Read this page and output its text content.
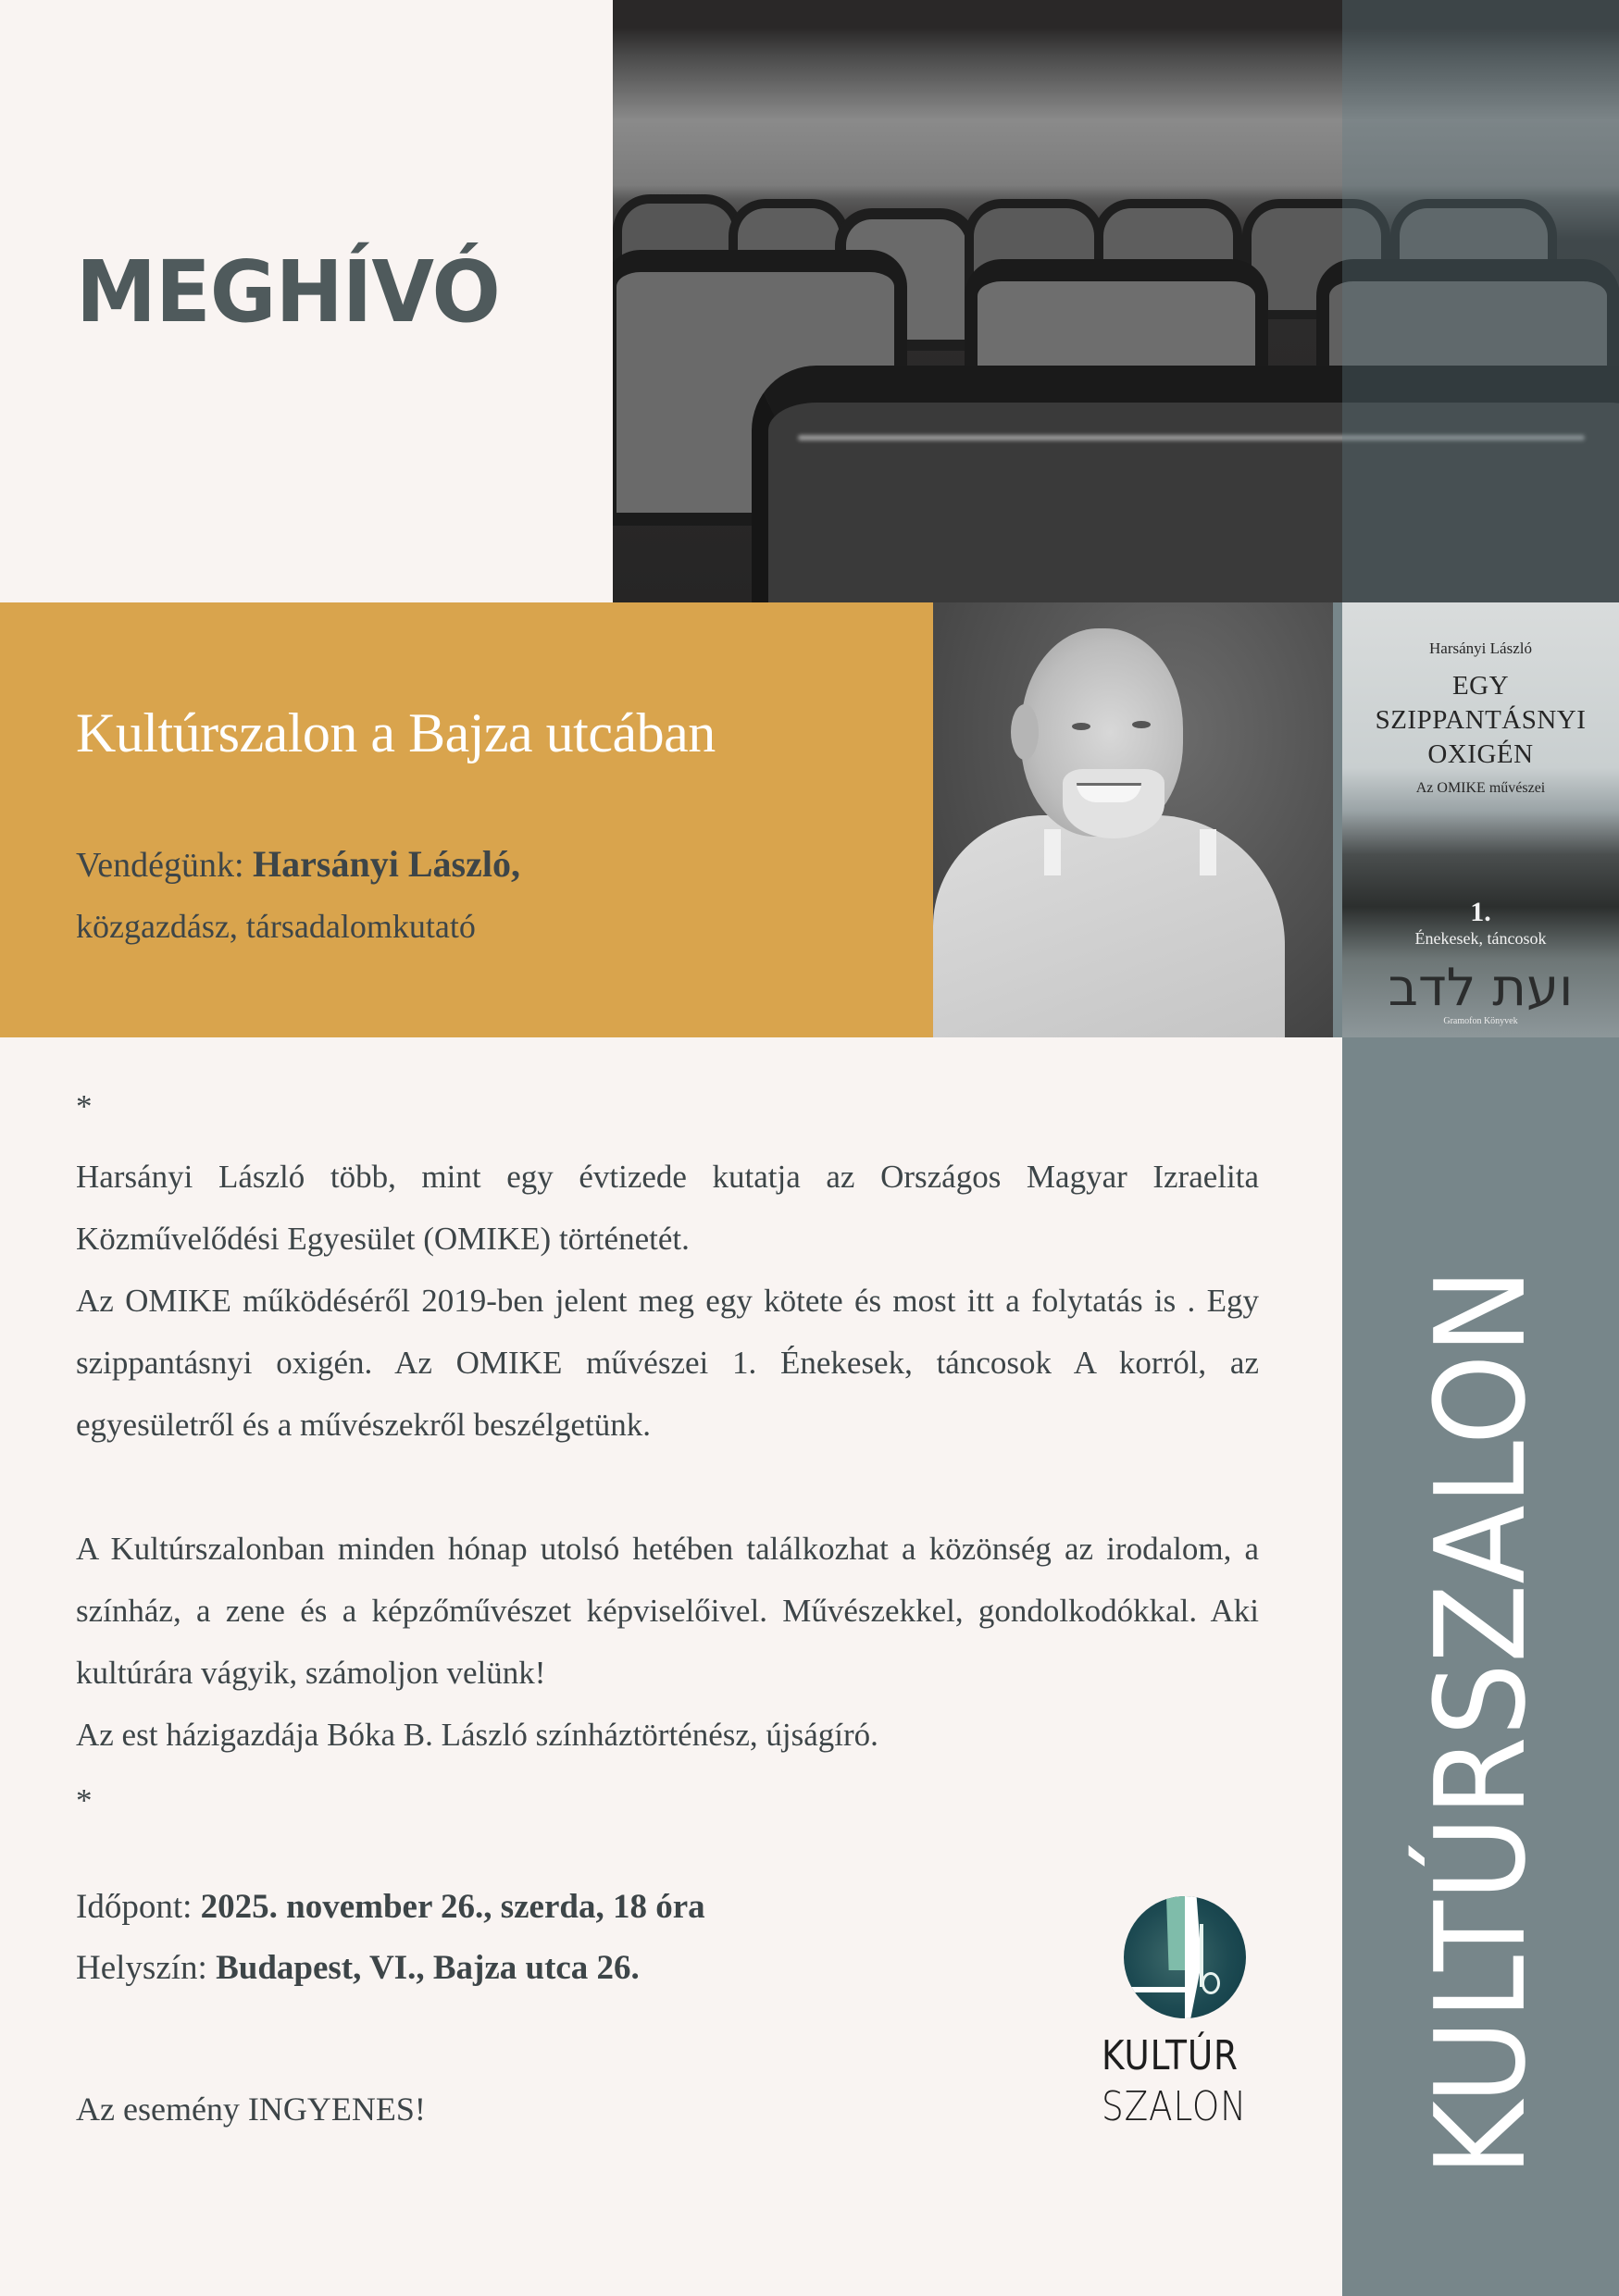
MEGHÍVÓ
Kultúrszalon a Bajza utcában
Vendégünk: Harsányi László,
közgazdász, társadalomkutató
Harsányi László
EGY
SZIPPANTÁSNYI
OXIGÉN
Az OMIKE művészei
1.
Énekesek, táncosok
ועת לדב
Gramofon Könyvek
KULTÚRSZALON
*

Harsányi László több, mint egy évtizede kutatja az Országos Magyar Izraelita Közművelődési Egyesület (OMIKE) történetét.

Az OMIKE működéséről 2019-ben jelent meg egy kötete és most itt a folytatás is . Egy szippantásnyi oxigén. Az OMIKE művészei 1. Énekesek, táncosok A korról, az egyesületről és a művészekről beszélgetünk.

A Kultúrszalonban minden hónap utolsó hetében találkozhat a közönség az irodalom, a színház, a zene és a képzőművészet képviselőivel. Művészekkel, gondolkodókkal. Aki kultúrára vágyik, számoljon velünk!

Az est házigazdája Bóka B. László színháztörténész, újságíró.

*
Időpont: 2025. november 26., szerda, 18 óra
Helyszín: Budapest, VI., Bajza utca 26.
Az esemény INGYENES!
KULTÚR
SZALON
